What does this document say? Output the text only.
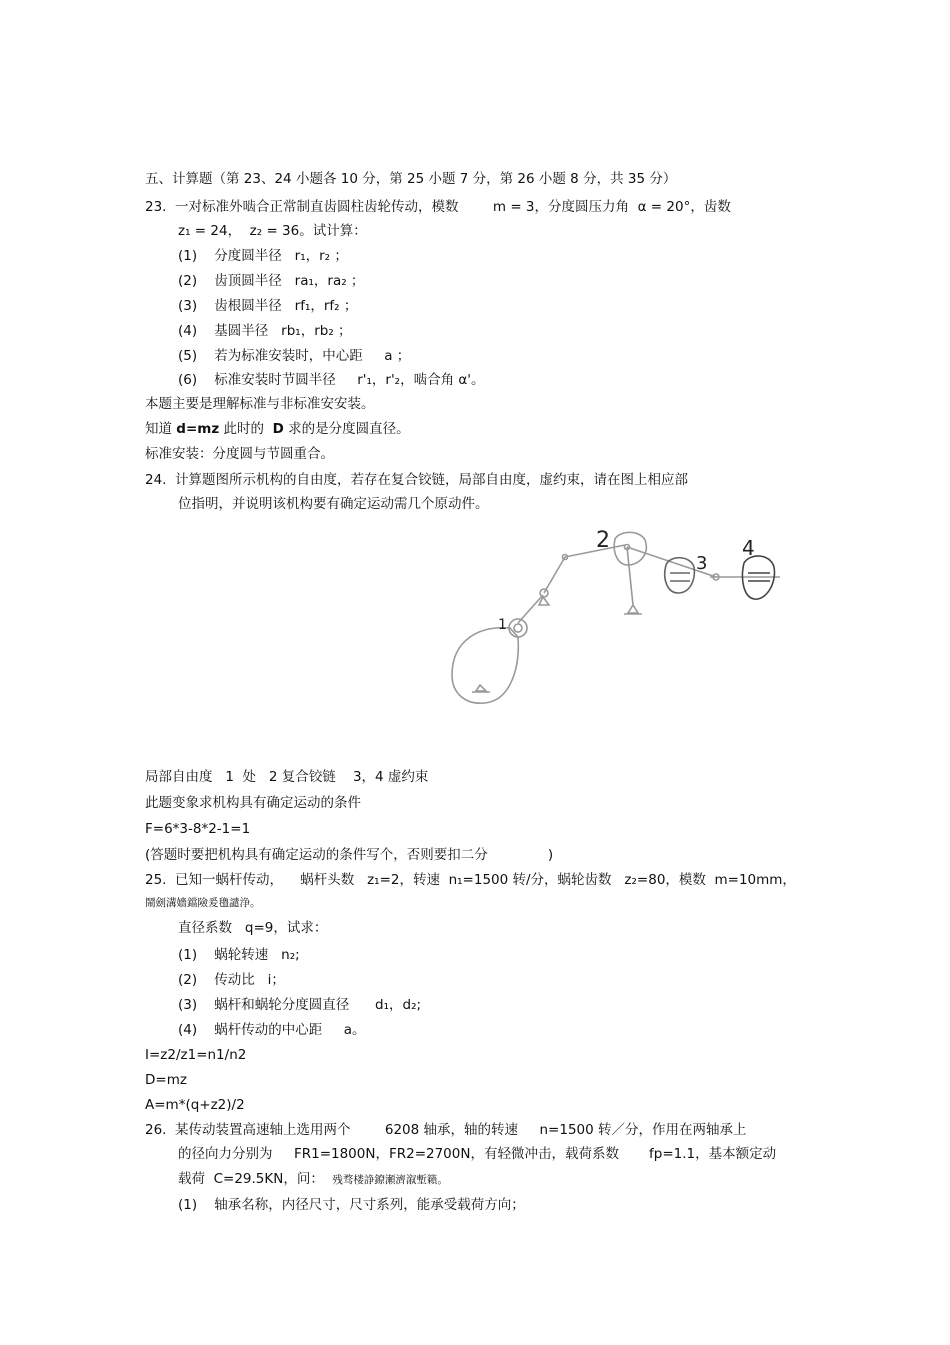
五、计算题（第 23、24 小题各 10 分，第 25 小题 7 分，第 26 小题 8 分，共 35 分）
23.  一对标准外啮合正常制直齿圆柱齿轮传动，模数        m = 3，分度圆压力角  α = 20°，齿数
z₁ = 24，  z₂ = 36。试计算：
(1)    分度圆半径   r₁，r₂ ；
(2)    齿顶圆半径   ra₁，ra₂ ；
(3)    齿根圆半径   rf₁，rf₂ ；
(4)    基圆半径   rb₁，rb₂ ；
(5)    若为标准安装时，中心距     a ；
(6)    标准安装时节圆半径     r'₁，r'₂，啮合角 α'。
本题主要是理解标准与非标准安安装。
知道 d=mz 此时的  D 求的是分度圆直径。
标准安装：分度圆与节圆重合。
24.  计算题图所示机构的自由度，若存在复合铰链，局部自由度，虚约束，请在图上相应部
位指明，并说明该机构要有确定运动需几个原动件。
1
2
3
4
局部自由度   1  处   2 复合铰链    3，4 虚约束
此题变象求机构具有确定运动的条件
F=6*3-8*2-1=1
(答题时要把机构具有确定运动的条件写个，否则要扣二分              )
25.  已知一蜗杆传动，    蜗杆头数   z₁=2，转速  n₁=1500 转/分，蜗轮齿数   z₂=80，模数  m=10mm，
鬧劍溝嬙鐺險爰氌譴浄。
直径系数   q=9，试求：
(1)    蜗轮转速   n₂;
(2)    传动比   i；
(3)    蜗杆和蜗轮分度圆直径      d₁，d₂;
(4)    蜗杆传动的中心距     a。
I=z2/z1=n1/n2
D=mz
A=m*(q+z2)/2
26.  某传动装置高速轴上选用两个        6208 轴承，轴的转速     n=1500 转／分，作用在两轴承上
的径向力分别为     FR1=1800N，FR2=2700N，有轻微冲击，载荷系数       fp=1.1，基本额定动
载荷  C=29.5KN，问：  残骛楼諍鐐瀬濟溆塹籟。
(1)    轴承名称，内径尺寸，尺寸系列，能承受载荷方向；
